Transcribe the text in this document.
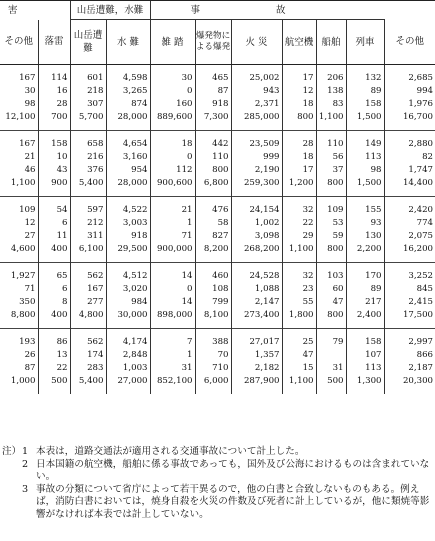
害		山岳遭難，水難		事　　　　　　　　故						
その他	落雷	山岳遭難	水 難	雑 踏	爆発物による爆発	火 災	航空機	船舶	列車	その他
167	114	601	4,598	30	465	25,002	17	206	132	2,685
30	16	218	3,265	0	87	943	12	138	89	994
98	28	307	874	160	918	2,371	18	83	158	1,976
12,100	700	5,700	28,000	889,600	7,300	285,000	800	1,100	1,500	16,700
167	158	658	4,654	18	442	23,509	28	110	149	2,880
21	10	216	3,160	0	110	999	18	56	113	82
46	43	376	954	112	800	2,190	17	37	98	1,747
1,100	900	5,400	28,000	900,600	6,800	259,300	1,200	800	1,500	14,400
109	54	597	4,522	21	476	24,154	32	109	155	2,420
12	6	212	3,003	1	58	1,002	22	53	93	774
27	11	311	918	71	827	3,098	29	59	130	2,075
4,600	400	6,100	29,500	900,000	8,200	268,200	1,100	800	2,200	16,200
1,927	65	562	4,512	14	460	24,528	32	103	170	3,252
71	6	167	3,020	0	108	1,088	23	60	89	845
350	8	277	984	14	799	2,147	55	47	217	2,415
8,800	400	4,800	30,000	898,000	8,100	273,400	1,800	800	2,400	17,500
193	86	562	4,174	7	388	27,017	25	79	158	2,997
26	13	174	2,848	1	70	1,357	47		107	866
87	22	283	1,003	31	710	2,182	15	31	113	2,187
1,000	500	5,400	27,000	852,100	6,000	287,900	1,100	500	1,300	20,300
注） 1 本表は，道路交通法が適用される交通事故について計上した。
2 日本国籍の航空機，船舶に係る事故であっても，国外及び公海におけるものは含まれていない。
3 事故の分類について省庁によって若干異るので，他の白書と合致しないものもある。例えば，消防白書においては，焼身自殺を火災の件数及び死者に計上しているが，他に類焼等影響がなければ本表では計上していない。
